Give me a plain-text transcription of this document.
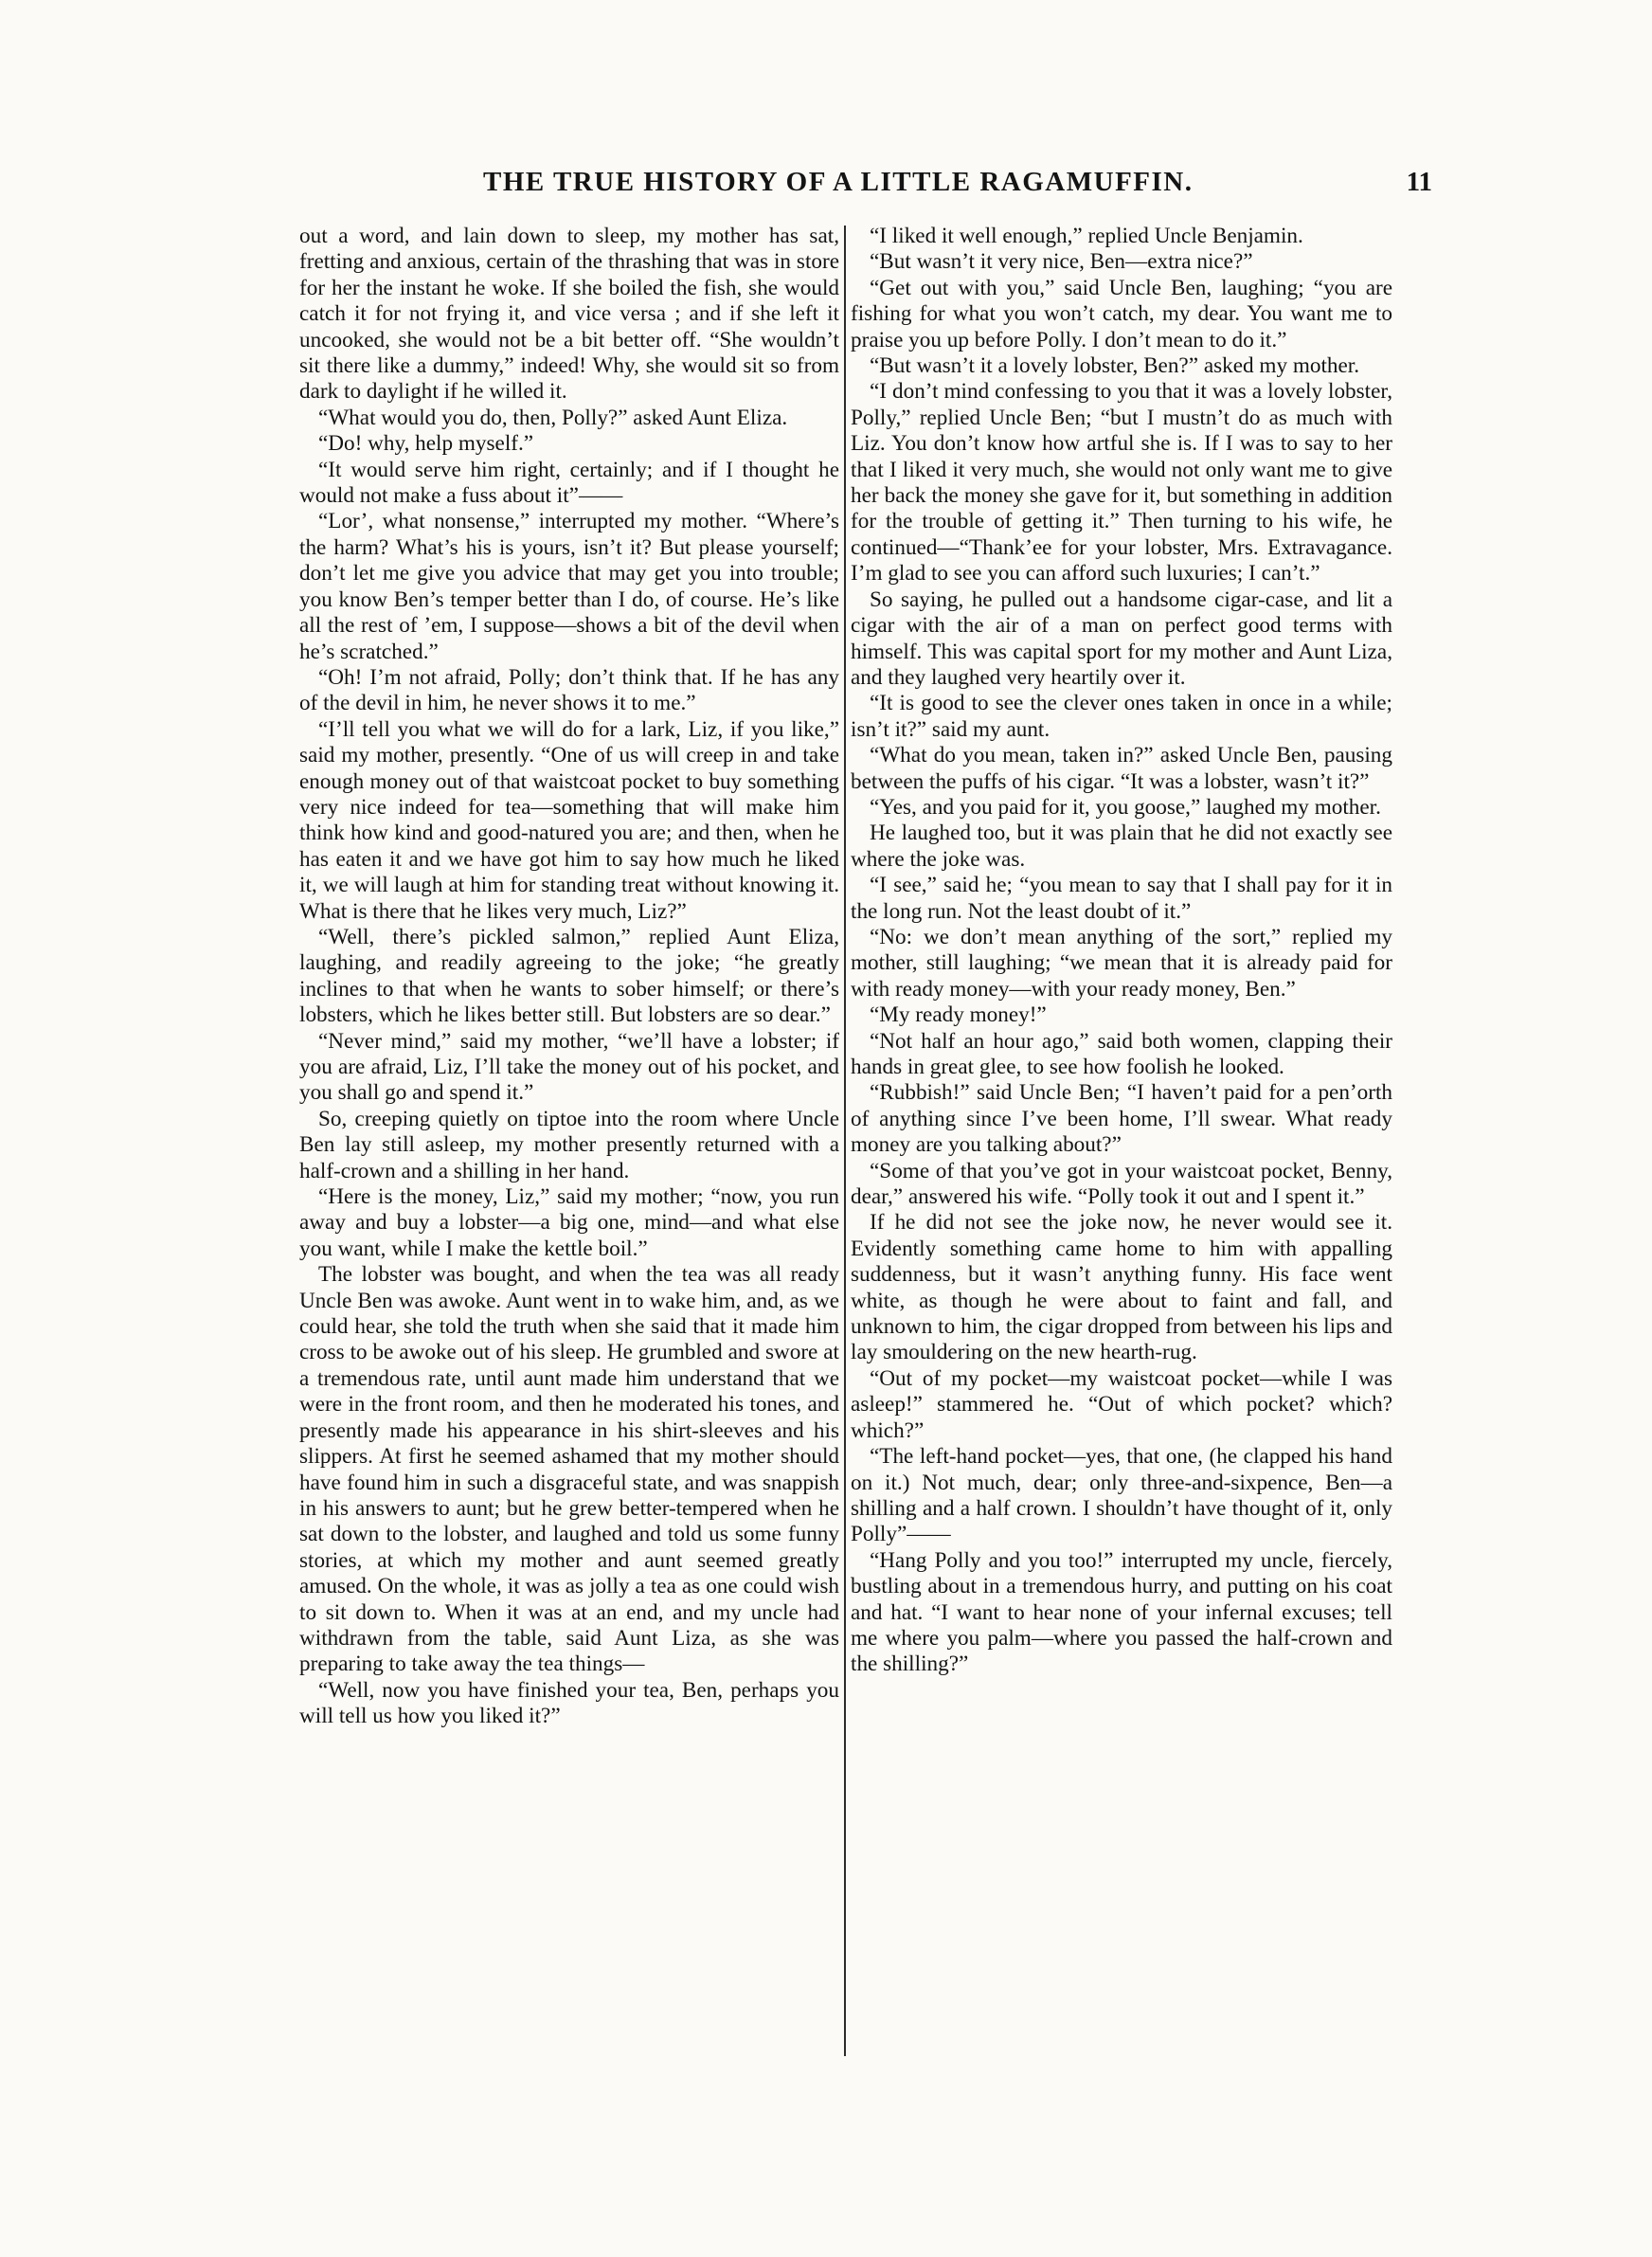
THE TRUE HISTORY OF A LITTLE RAGAMUFFIN.	11

out a word, and lain down to sleep, my mother has sat, fretting and anxious, certain of the thrashing that was in store for her the instant he woke. If she boiled the fish, she would catch it for not frying it, and vice versa ; and if she left it uncooked, she would not be a bit better off. “She wouldn’t sit there like a dummy,” indeed! Why, she would sit so from dark to daylight if he willed it.

“What would you do, then, Polly?” asked Aunt Eliza.

“Do! why, help myself.”

“It would serve him right, certainly; and if I thought he would not make a fuss about it”——

“Lor’, what nonsense,” interrupted my mother. “Where’s the harm? What’s his is yours, isn’t it? But please yourself; don’t let me give you advice that may get you into trouble; you know Ben’s temper better than I do, of course. He’s like all the rest of ’em, I suppose—shows a bit of the devil when he’s scratched.”

“Oh! I’m not afraid, Polly; don’t think that. If he has any of the devil in him, he never shows it to me.”

“I’ll tell you what we will do for a lark, Liz, if you like,” said my mother, presently. “One of us will creep in and take enough money out of that waistcoat pocket to buy something very nice indeed for tea—something that will make him think how kind and good-natured you are; and then, when he has eaten it and we have got him to say how much he liked it, we will laugh at him for standing treat without knowing it. What is there that he likes very much, Liz?”

“Well, there’s pickled salmon,” replied Aunt Eliza, laughing, and readily agreeing to the joke; “he greatly inclines to that when he wants to sober himself; or there’s lobsters, which he likes better still. But lobsters are so dear.”

“Never mind,” said my mother, “we’ll have a lobster; if you are afraid, Liz, I’ll take the money out of his pocket, and you shall go and spend it.”

So, creeping quietly on tiptoe into the room where Uncle Ben lay still asleep, my mother presently returned with a half-crown and a shilling in her hand.

“Here is the money, Liz,” said my mother; “now, you run away and buy a lobster—a big one, mind—and what else you want, while I make the kettle boil.”

The lobster was bought, and when the tea was all ready Uncle Ben was awoke. Aunt went in to wake him, and, as we could hear, she told the truth when she said that it made him cross to be awoke out of his sleep. He grumbled and swore at a tremendous rate, until aunt made him understand that we were in the front room, and then he moderated his tones, and presently made his appearance in his shirt-sleeves and his slippers. At first he seemed ashamed that my mother should have found him in such a disgraceful state, and was snappish in his answers to aunt; but he grew better-tempered when he sat down to the lobster, and laughed and told us some funny stories, at which my mother and aunt seemed greatly amused. On the whole, it was as jolly a tea as one could wish to sit down to. When it was at an end, and my uncle had withdrawn from the table, said Aunt Liza, as she was preparing to take away the tea things—

“Well, now you have finished your tea, Ben, perhaps you will tell us how you liked it?”

“I liked it well enough,” replied Uncle Benjamin.

“But wasn’t it very nice, Ben—extra nice?”

“Get out with you,” said Uncle Ben, laughing; “you are fishing for what you won’t catch, my dear. You want me to praise you up before Polly. I don’t mean to do it.”

“But wasn’t it a lovely lobster, Ben?” asked my mother.

“I don’t mind confessing to you that it was a lovely lobster, Polly,” replied Uncle Ben; “but I mustn’t do as much with Liz. You don’t know how artful she is. If I was to say to her that I liked it very much, she would not only want me to give her back the money she gave for it, but something in addition for the trouble of getting it.” Then turning to his wife, he continued—“Thank’ee for your lobster, Mrs. Extravagance. I’m glad to see you can afford such luxuries; I can’t.”

So saying, he pulled out a handsome cigar-case, and lit a cigar with the air of a man on perfect good terms with himself. This was capital sport for my mother and Aunt Liza, and they laughed very heartily over it.

“It is good to see the clever ones taken in once in a while; isn’t it?” said my aunt.

“What do you mean, taken in?” asked Uncle Ben, pausing between the puffs of his cigar. “It was a lobster, wasn’t it?”

“Yes, and you paid for it, you goose,” laughed my mother.

He laughed too, but it was plain that he did not exactly see where the joke was.

“I see,” said he; “you mean to say that I shall pay for it in the long run. Not the least doubt of it.”

“No: we don’t mean anything of the sort,” replied my mother, still laughing; “we mean that it is already paid for with ready money—with your ready money, Ben.”

“My ready money!”

“Not half an hour ago,” said both women, clapping their hands in great glee, to see how foolish he looked.

“Rubbish!” said Uncle Ben; “I haven’t paid for a pen’orth of anything since I’ve been home, I’ll swear. What ready money are you talking about?”

“Some of that you’ve got in your waistcoat pocket, Benny, dear,” answered his wife. “Polly took it out and I spent it.”

If he did not see the joke now, he never would see it. Evidently something came home to him with appalling suddenness, but it wasn’t anything funny. His face went white, as though he were about to faint and fall, and unknown to him, the cigar dropped from between his lips and lay smouldering on the new hearth-rug.

“Out of my pocket—my waistcoat pocket—while I was asleep!” stammered he. “Out of which pocket? which? which?”

“The left-hand pocket—yes, that one, (he clapped his hand on it.) Not much, dear; only three-and-sixpence, Ben—a shilling and a half crown. I shouldn’t have thought of it, only Polly”——

“Hang Polly and you too!” interrupted my uncle, fiercely, bustling about in a tremendous hurry, and putting on his coat and hat. “I want to hear none of your infernal excuses; tell me where you palm—where you passed the half-crown and the shilling?”
